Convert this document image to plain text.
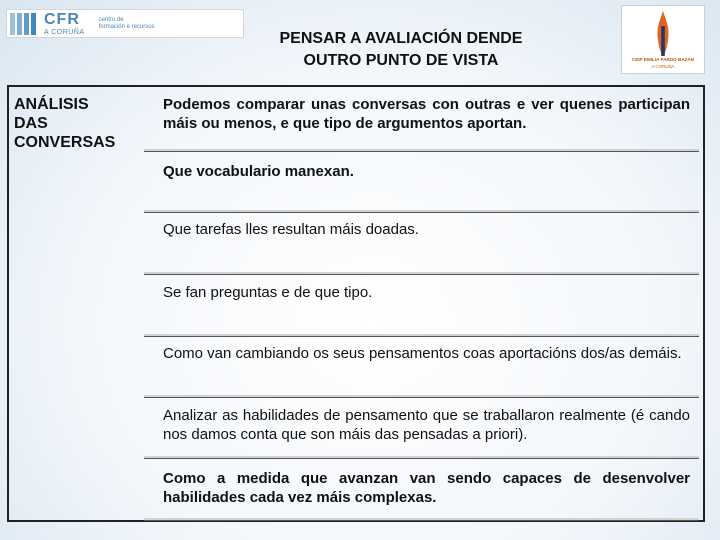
CFR
A CORUÑA
centro de
formación e recursos
PENSAR A AVALIACIÓN DENDE
OUTRO PUNTO DE VISTA	CEIP EMILIA PARDO BAZÁN
A CORUÑA
ANÁLISIS
DAS
CONVERSAS

Podemos comparar unas conversas con outras e ver quenes participan máis ou menos, e que tipo de argumentos aportan.

Que vocabulario manexan.

Que tarefas lles resultan máis doadas.

Se fan preguntas e de que tipo.

Como van cambiando os seus pensamentos coas aportacións dos/as demáis.

Analizar as habilidades de pensamento que se traballaron realmente (é cando nos damos conta que son máis das pensadas a priori).

Como a medida que avanzan van sendo capaces de desenvolver habilidades cada vez máis complexas.
